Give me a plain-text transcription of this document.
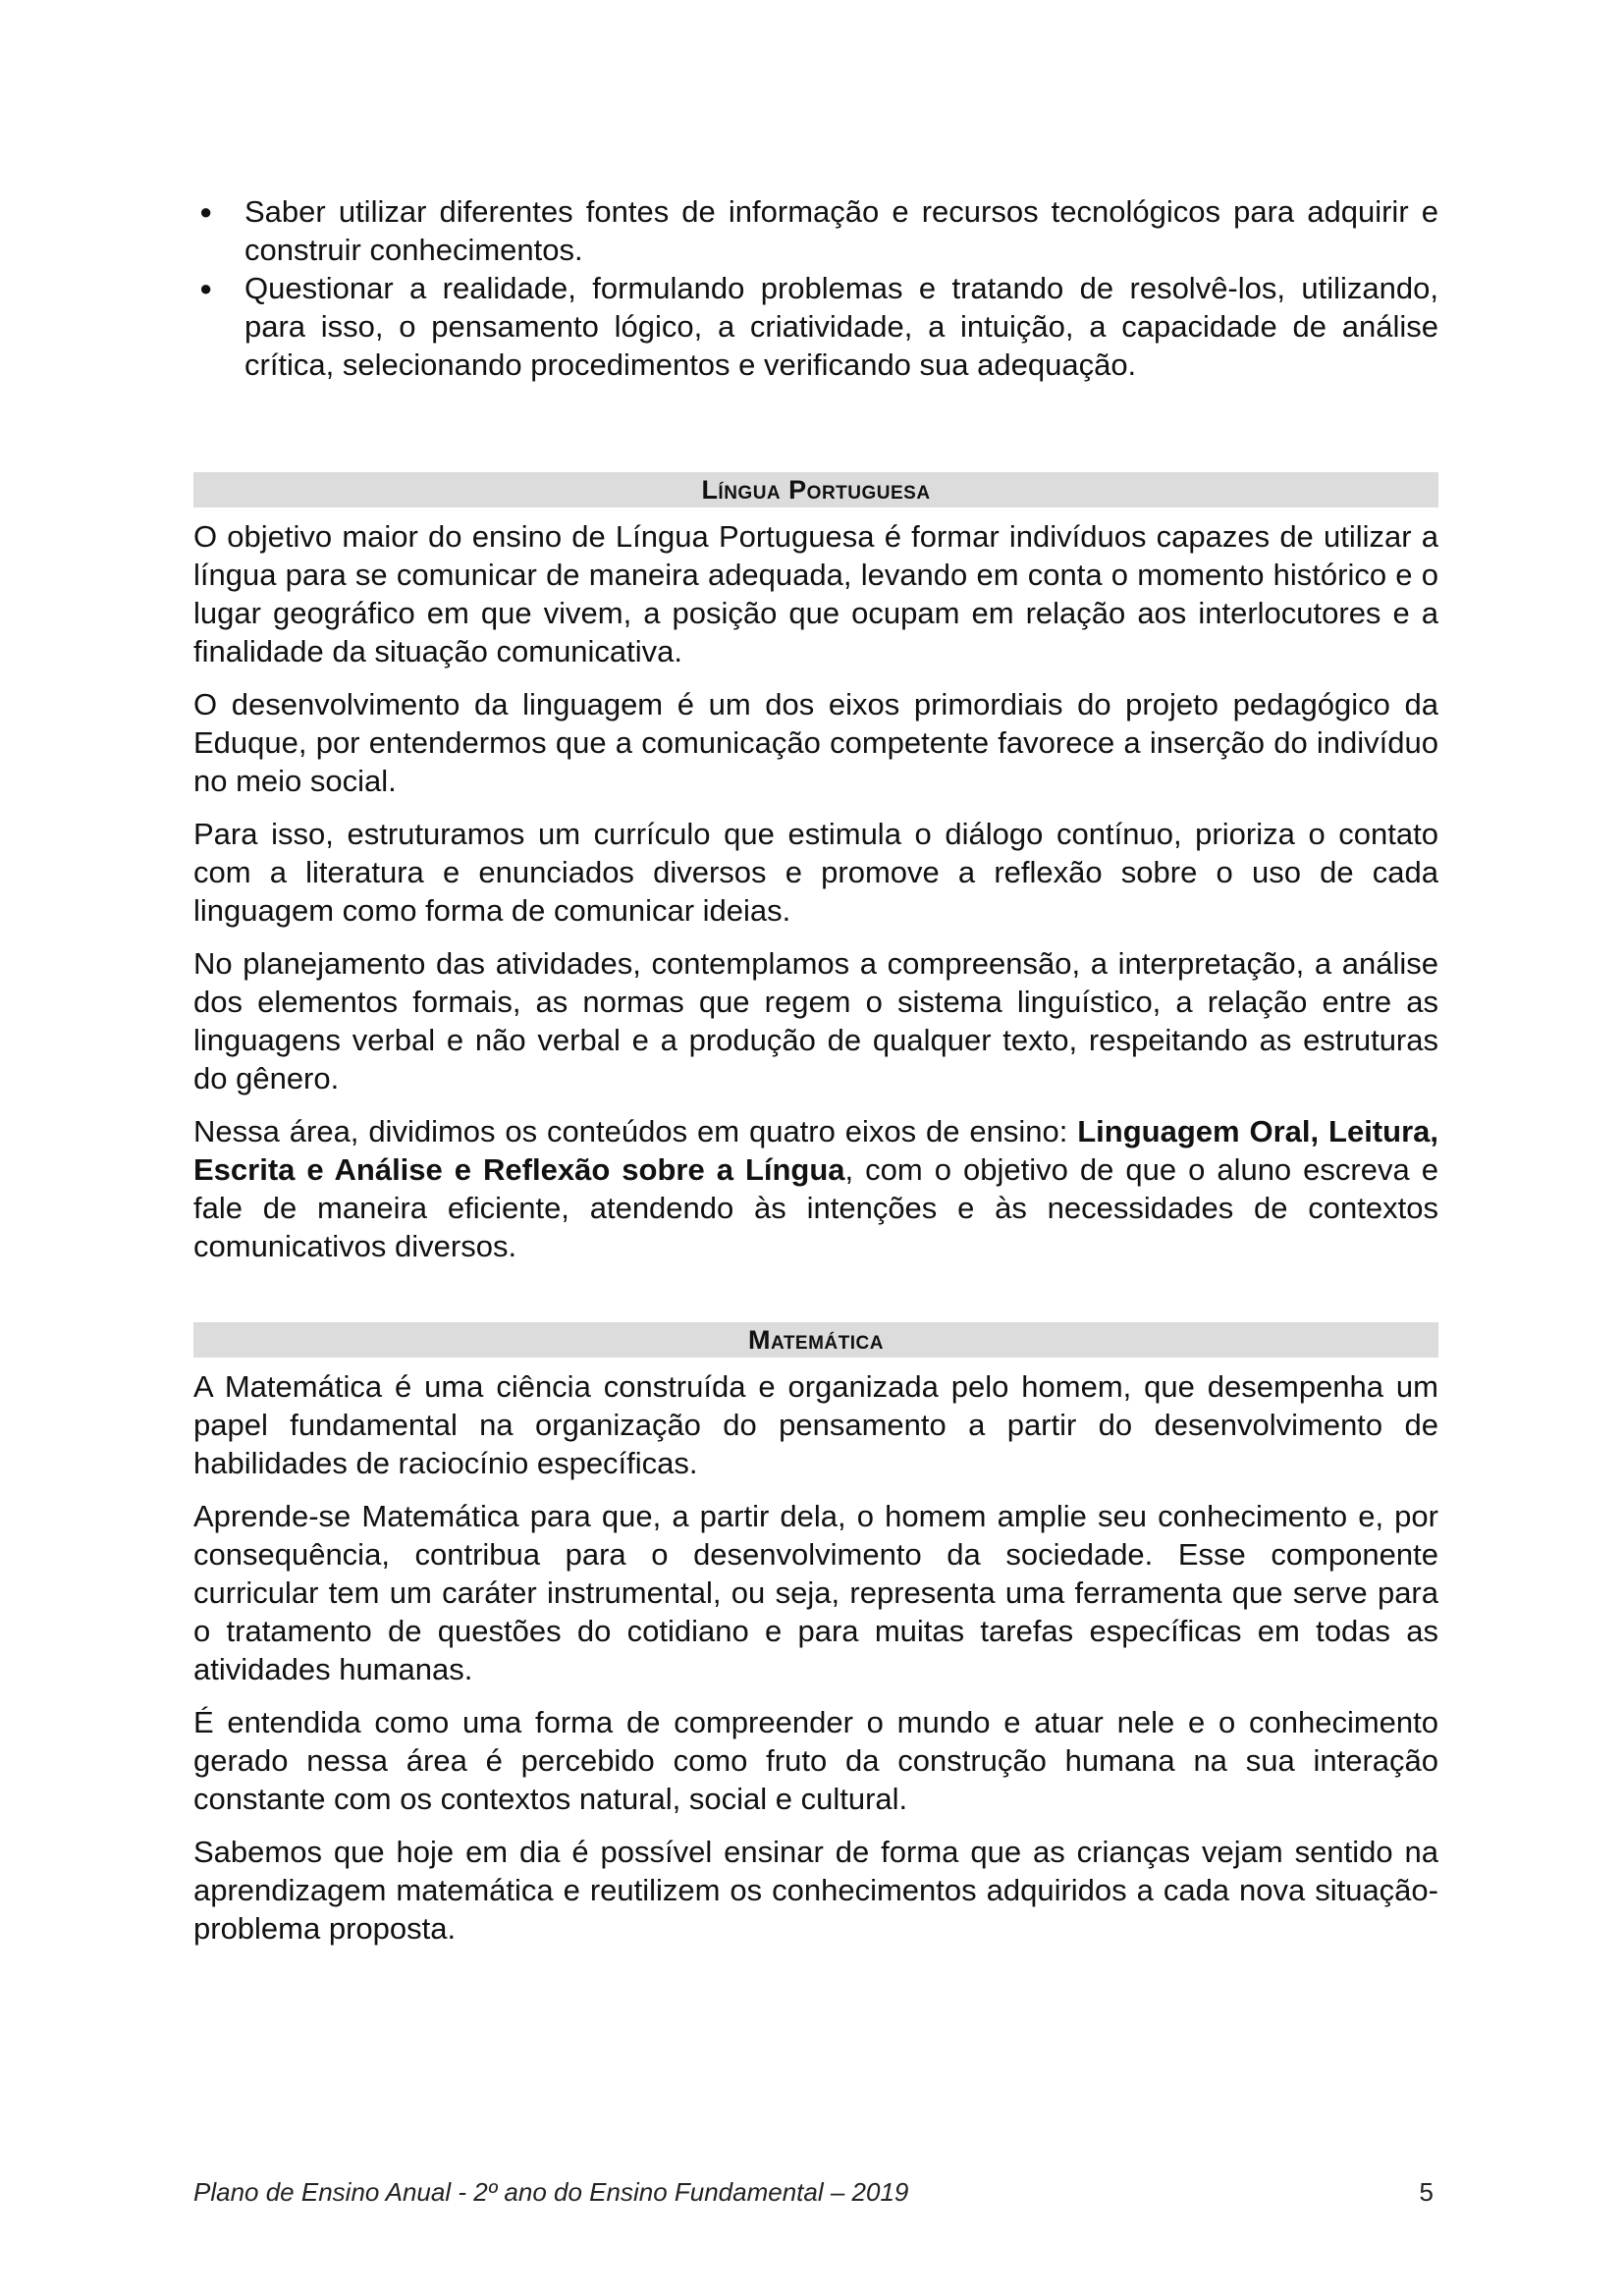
● Saber utilizar diferentes fontes de informação e recursos tecnológicos para adquirir e construir conhecimentos.
● Questionar a realidade, formulando problemas e tratando de resolvê-los, utilizando, para isso, o pensamento lógico, a criatividade, a intuição, a capacidade de análise crítica, selecionando procedimentos e verificando sua adequação.
Língua Portuguesa

O objetivo maior do ensino de Língua Portuguesa é formar indivíduos capazes de utilizar a língua para se comunicar de maneira adequada, levando em conta o momento histórico e o lugar geográfico em que vivem, a posição que ocupam em relação aos interlocutores e a finalidade da situação comunicativa.

O desenvolvimento da linguagem é um dos eixos primordiais do projeto pedagógico da Eduque, por entendermos que a comunicação competente favorece a inserção do indivíduo no meio social.

Para isso, estruturamos um currículo que estimula o diálogo contínuo, prioriza o contato com a literatura e enunciados diversos e promove a reflexão sobre o uso de cada linguagem como forma de comunicar ideias.

No planejamento das atividades, contemplamos a compreensão, a interpretação, a análise dos elementos formais, as normas que regem o sistema linguístico, a relação entre as linguagens verbal e não verbal e a produção de qualquer texto, respeitando as estruturas do gênero.

Nessa área, dividimos os conteúdos em quatro eixos de ensino: Linguagem Oral, Leitura, Escrita e Análise e Reflexão sobre a Língua, com o objetivo de que o aluno escreva e fale de maneira eficiente, atendendo às intenções e às necessidades de contextos comunicativos diversos.

Matemática

A Matemática é uma ciência construída e organizada pelo homem, que desempenha um papel fundamental na organização do pensamento a partir do desenvolvimento de habilidades de raciocínio específicas.

Aprende-se Matemática para que, a partir dela, o homem amplie seu conhecimento e, por consequência, contribua para o desenvolvimento da sociedade. Esse componente curricular tem um caráter instrumental, ou seja, representa uma ferramenta que serve para o tratamento de questões do cotidiano e para muitas tarefas específicas em todas as atividades humanas.

É entendida como uma forma de compreender o mundo e atuar nele e o conhecimento gerado nessa área é percebido como fruto da construção humana na sua interação constante com os contextos natural, social e cultural.

Sabemos que hoje em dia é possível ensinar de forma que as crianças vejam sentido na aprendizagem matemática e reutilizem os conhecimentos adquiridos a cada nova situação-problema proposta.

Plano de Ensino Anual - 2º ano do Ensino Fundamental – 2019	5
